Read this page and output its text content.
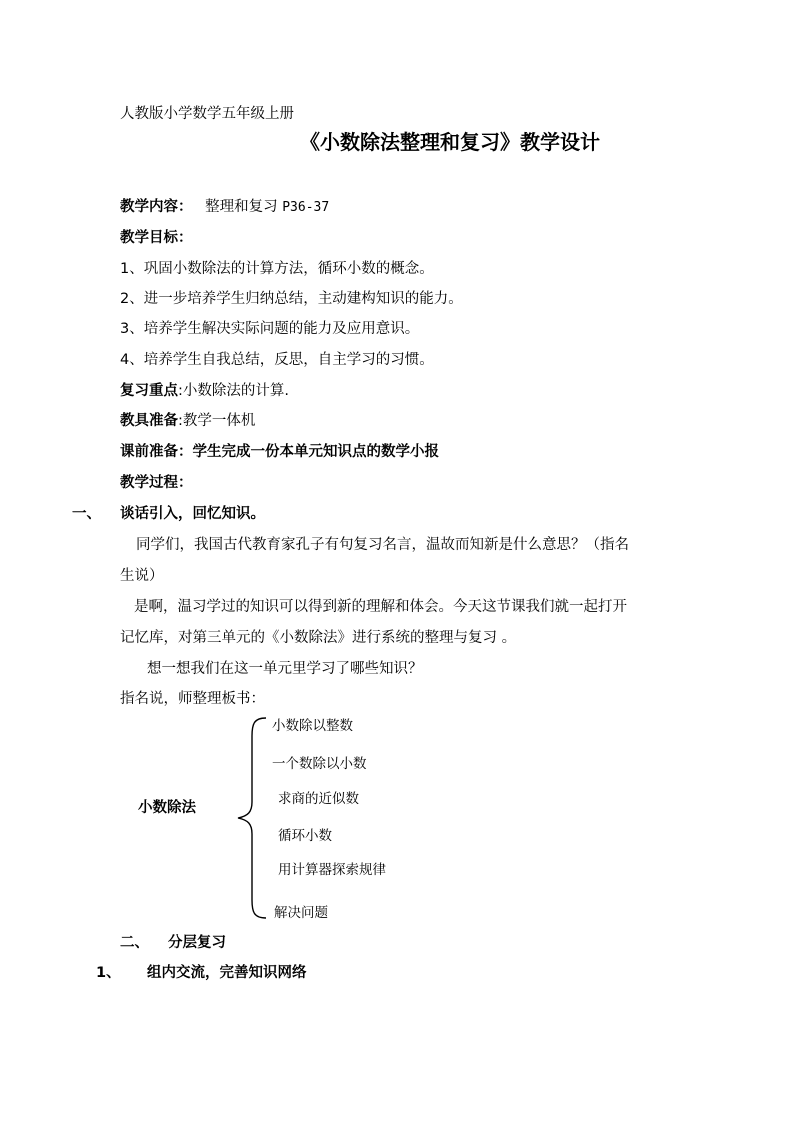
人教版小学数学五年级上册
《小数除法整理和复习》教学设计
教学内容： 整理和复习 P36-37
教学目标：
1、巩固小数除法的计算方法，循环小数的概念。
2、进一步培养学生归纳总结，主动建构知识的能力。
3、培养学生解决实际问题的能力及应用意识。
4、培养学生自我总结，反思，自主学习的习惯。
复习重点:小数除法的计算.
教具准备:教学一体机
课前准备：学生完成一份本单元知识点的数学小报
教学过程：
一、 谈话引入，回忆知识。
同学们，我国古代教育家孔子有句复习名言，温故而知新是什么意思？（指名
生说）
是啊，温习学过的知识可以得到新的理解和体会。今天这节课我们就一起打开
记忆库，对第三单元的《小数除法》进行系统的整理与复习 。
想一想我们在这一单元里学习了哪些知识？
指名说，师整理板书：
小数除法
小数除以整数
一个数除以小数
求商的近似数
循环小数
用计算器探索规律
解决问题
二、 分层复习
1、 组内交流，完善知识网络
